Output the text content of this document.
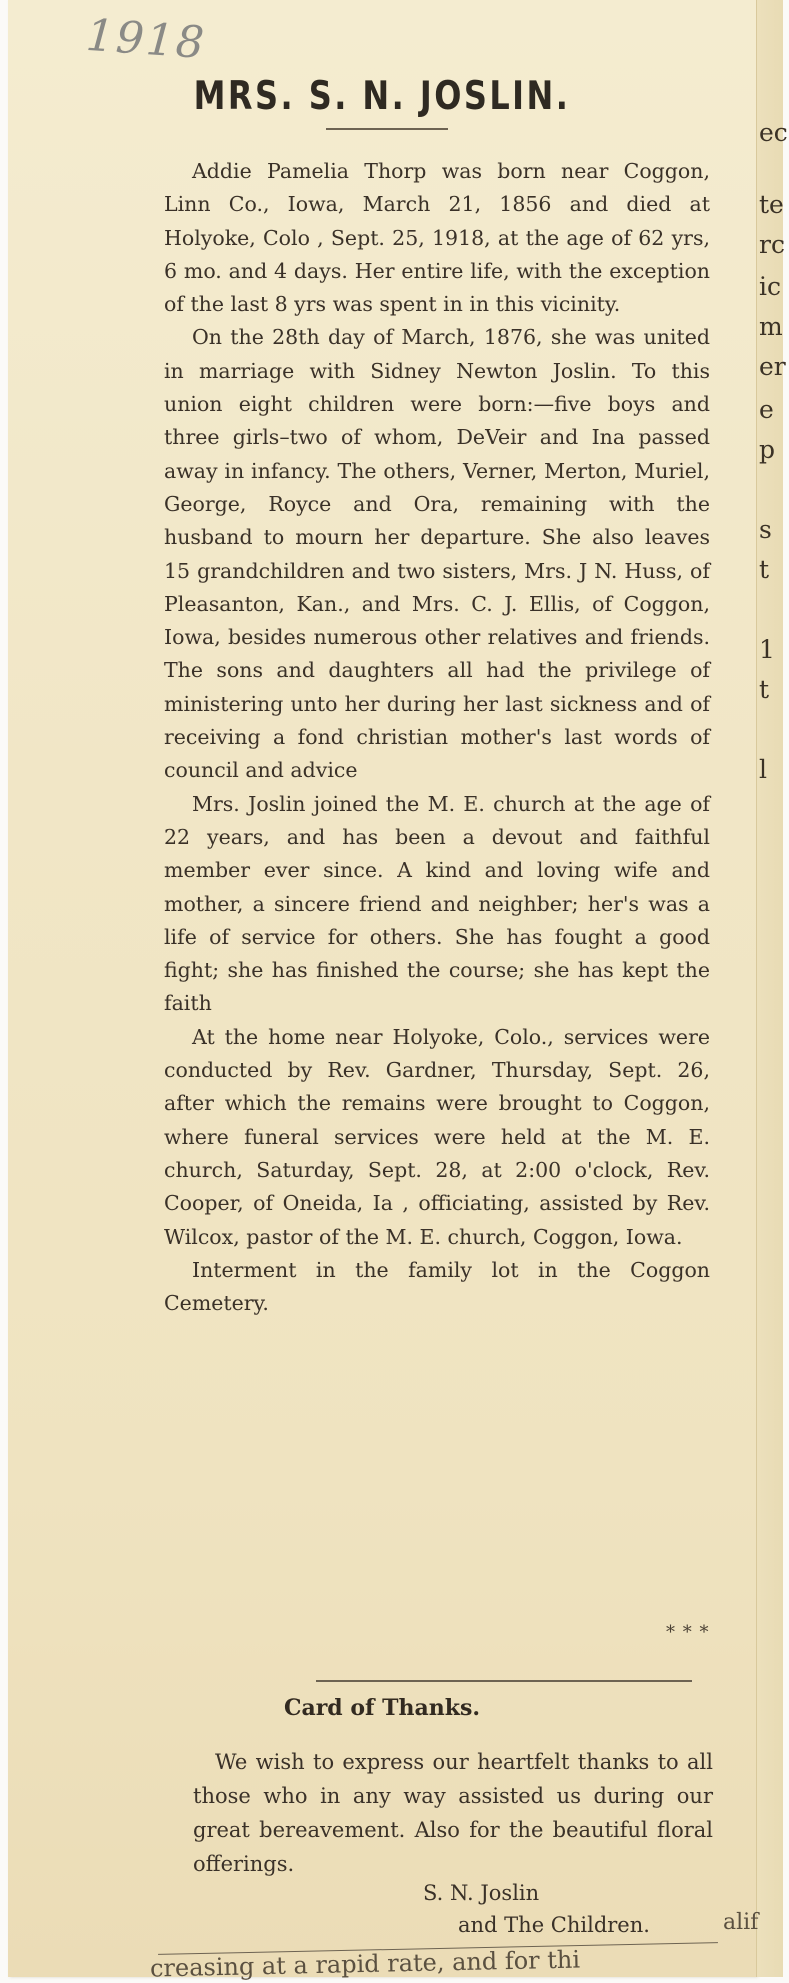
1918
MRS. S. N. JOSLIN.

Addie Pamelia Thorp was born near Coggon, Linn Co., Iowa, March 21, 1856 and died at Holyoke, Colo , Sept. 25, 1918, at the age of 62 yrs, 6 mo. and 4 days. Her entire life, with the exception of the last 8 yrs was spent in in this vicinity.

On the 28th day of March, 1876, she was united in marriage with Sidney Newton Joslin. To this union eight children were born:—five boys and three girls–two of whom, DeVeir and Ina passed away in infancy. The others, Verner, Merton, Muriel, George, Royce and Ora, remaining with the husband to mourn her departure. She also leaves 15 grandchildren and two sisters, Mrs. J N. Huss, of Pleasanton, Kan., and Mrs. C. J. Ellis, of Coggon, Iowa, besides numerous other relatives and friends. The sons and daughters all had the privilege of ministering unto her during her last sickness and of receiving a fond christian mother's last words of council and advice

Mrs. Joslin joined the M. E. church at the age of 22 years, and has been a devout and faithful member ever since. A kind and loving wife and mother, a sincere friend and neighber; her's was a life of service for others. She has fought a good fight; she has finished the course; she has kept the faith

At the home near Holyoke, Colo., services were conducted by Rev. Gardner, Thursday, Sept. 26, after which the remains were brought to Coggon, where funeral services were held at the M. E. church, Saturday, Sept. 28, at 2:00 o'clock, Rev. Cooper, of Oneida, Ia , officiating, assisted by Rev. Wilcox, pastor of the M. E. church, Coggon, Iowa.

Interment in the family lot in the Coggon Cemetery.

* * *
Card of Thanks.

We wish to express our heartfelt thanks to all those who in any way assisted us during our great bereavement. Also for the beautiful floral offerings.

S. N. Joslin
and The Children.
creasing at a rapid rate, and for thi
ec
te
rc
ic
m
er
e
p
s
t
1
t
l
alif
